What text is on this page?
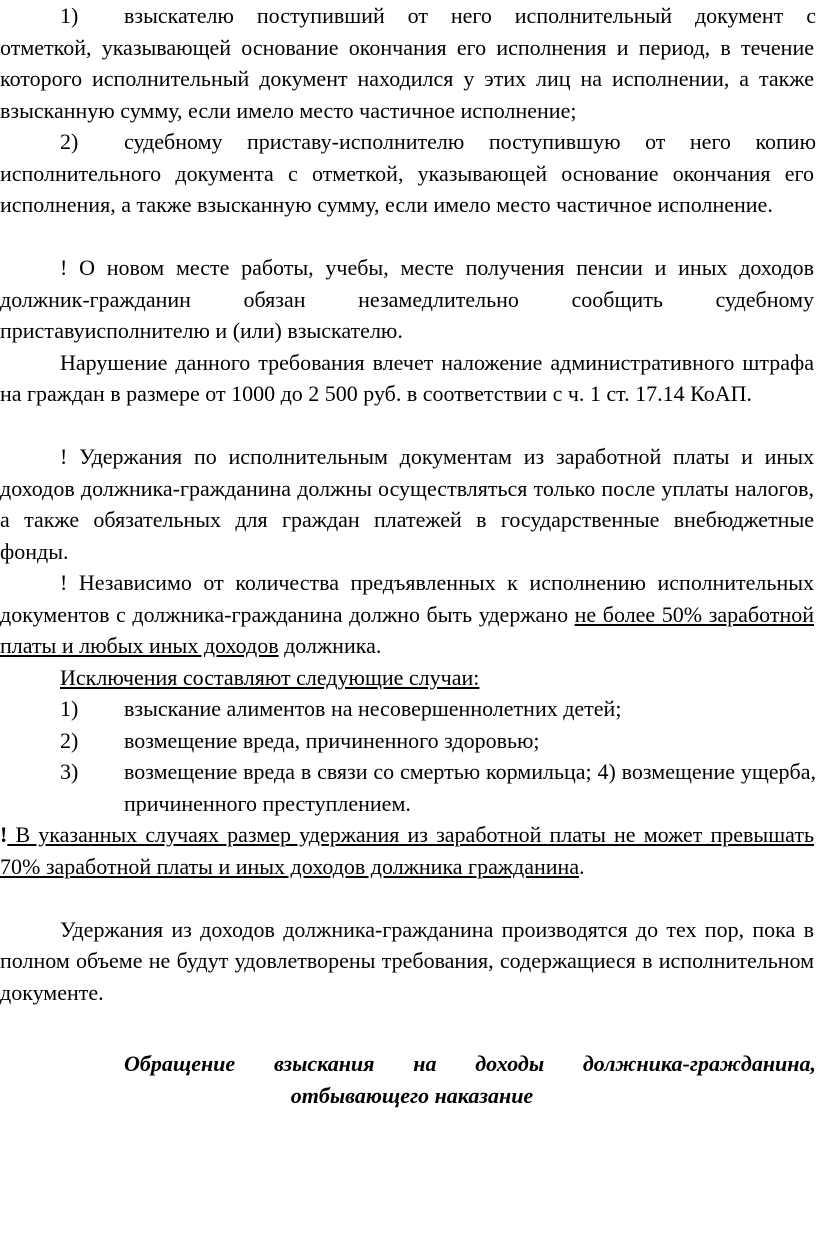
1)	взыскателю поступивший от него исполнительный документ с

отметкой, указывающей основание окончания его исполнения и период, в течение которого исполнительный документ находился у этих лиц на исполнении, а также взысканную сумму, если имело место частичное исполнение;

2)	судебному приставу-исполнителю поступившую от него копию

исполнительного документа с отметкой, указывающей основание окончания его исполнения, а также взысканную сумму, если имело место частичное исполнение.

! О новом месте работы, учебы, месте получения пенсии и иных доходов должник-гражданин обязан незамедлительно сообщить судебному приставуисполнителю и (или) взыскателю.

Нарушение данного требования влечет наложение административного штрафа на граждан в размере от 1000 до 2 500 руб. в соответствии с ч. 1 ст. 17.14 КоАП.

! Удержания по исполнительным документам из заработной платы и иных доходов должника-гражданина должны осуществляться только после уплаты налогов, а также обязательных для граждан платежей в государственные внебюджетные фонды.

! Независимо от количества предъявленных к исполнению исполнительных документов с должника-гражданина должно быть удержано не более 50% заработной платы и любых иных доходов должника.

Исключения составляют следующие случаи:

1)	взыскание алиментов на несовершеннолетних детей;
2)	возмещение вреда, причиненного здоровью;
3)	возмещение вреда в связи со смертью кормильца; 4) возмещение ущерба, причиненного преступлением.

! В указанных случаях размер удержания из заработной платы не может превышать 70% заработной платы и иных доходов должника гражданина.

Удержания из доходов должника-гражданина производятся до тех пор, пока в полном объеме не будут удовлетворены требования, содержащиеся в исполнительном документе.

Обращение взыскания на доходы должника-гражданина,

отбывающего наказание
